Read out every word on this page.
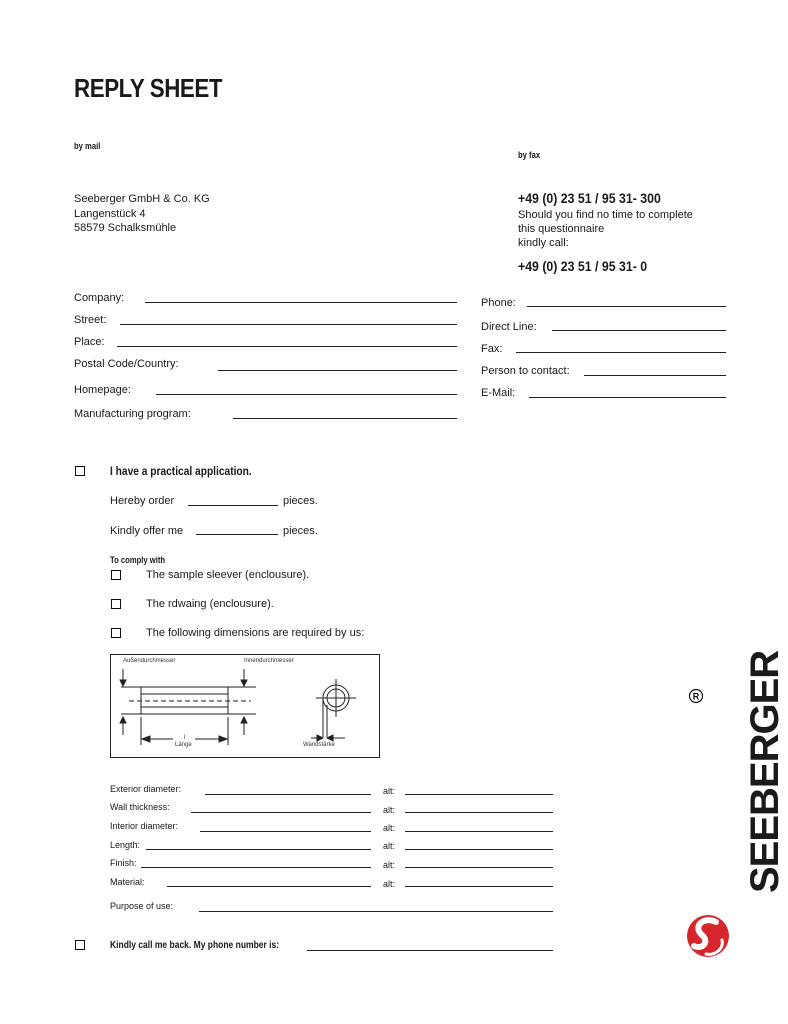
REPLY SHEET
by mail
by fax
Seeberger GmbH & Co. KG
Langenstück 4
58579 Schalksmühle
+49 (0) 23 51 / 95 31- 300
Should you find no time to complete
this questionnaire
kindly call:
+49 (0) 23 51 / 95 31- 0
Company:
Street:
Place:
Postal Code/Country:
Homepage:
Manufacturing program:
Phone:
Direct Line:
Fax:
Person to contact:
E-Mail:
I have a practical application.
Hereby order	pieces.
Kindly offer me	pieces.
To comply with
The sample sleever (enclousure).
The rdwaing (enclousure).
The following dimensions are required by us:
Außendurchmesser	Innendurchmesser
Länge
l
Wandstärke
Exterior diameter:	alt:
Wall thickness:	alt:
Interior diameter:	alt:
Length:	alt:
Finish:	alt:
Material:	alt:
Purpose of use:
Kindly call me back. My phone number is:
SEEBERGER
R
